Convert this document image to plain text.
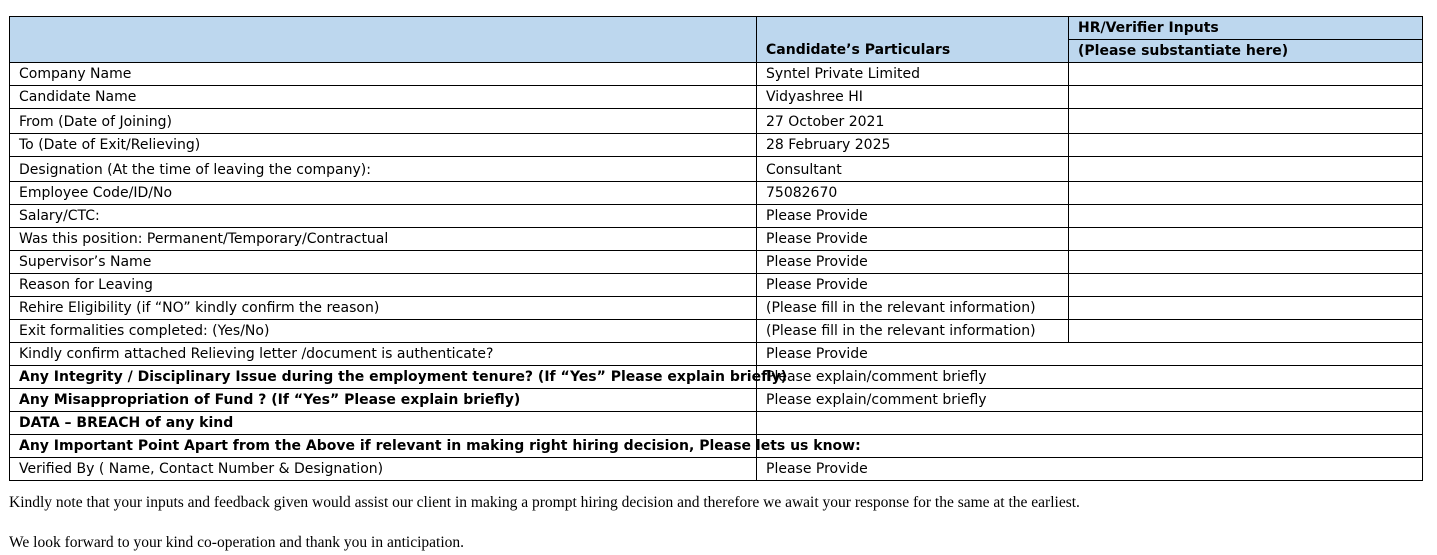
	Candidate’s Particulars	HR/Verifier Inputs
		(Please substantiate here)
Company Name	Syntel Private Limited	
Candidate Name	Vidyashree HI	
From (Date of Joining)	27 October 2021	
To (Date of Exit/Relieving)	28 February 2025	
Designation (At the time of leaving the company):	Consultant	
Employee Code/ID/No	75082670	
Salary/CTC:	Please Provide	
Was this position: Permanent/Temporary/Contractual	Please Provide	
Supervisor’s Name	Please Provide	
Reason for Leaving	Please Provide	
Rehire Eligibility (if “NO” kindly confirm the reason)	(Please fill in the relevant information)	
Exit formalities completed: (Yes/No)	(Please fill in the relevant information)	
Kindly confirm attached Relieving letter /document is authenticate?	Please Provide	
Any Integrity / Disciplinary Issue during the employment tenure? (If “Yes” Please explain briefly)	Please explain/comment briefly	
Any Misappropriation of Fund ? (If “Yes” Please explain briefly)	Please explain/comment briefly	
DATA – BREACH of any kind		
Any Important Point Apart from the Above if relevant in making right hiring decision, Please lets us know:		
Verified By ( Name, Contact Number & Designation)	Please Provide	

Kindly note that your inputs and feedback given would assist our client in making a prompt hiring decision and therefore we await your response for the same at the earliest.

We look forward to your kind co-operation and thank you in anticipation.
